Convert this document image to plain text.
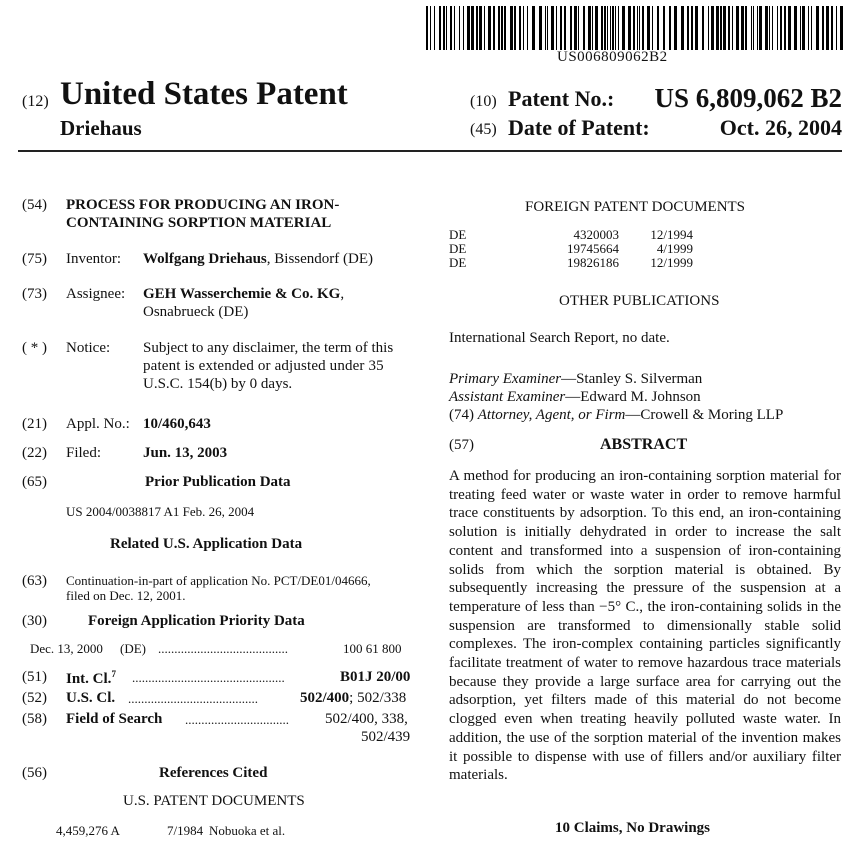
US006809062B2
(12) United States Patent
Driehaus
(10) Patent No.: US 6,809,062 B2
(45) Date of Patent:	Oct. 26, 2004
(54) PROCESS FOR PRODUCING AN IRON-
CONTAINING SORPTION MATERIAL
(75) Inventor: Wolfgang Driehaus, Bissendorf (DE)
(73) Assignee: GEH Wasserchemie & Co. KG,
Osnabrueck (DE)
( * ) Notice: Subject to any disclaimer, the term of this
patent is extended or adjusted under 35
U.S.C. 154(b) by 0 days.
(21) Appl. No.: 10/460,643
(22) Filed:	Jun. 13, 2003
(65)	Prior Publication Data
US 2004/0038817 A1 Feb. 26, 2004
Related U.S. Application Data
(63) Continuation-in-part of application No. PCT/DE01/04666,
filed on Dec. 12, 2001.
(30)	Foreign Application Priority Data
Dec. 13, 2000 (DE) ........................................	100 61 800
(51) Int. Cl.$^7$ ...............................................	B01J 20/00
(52) U.S. Cl. ........................................	502/400; 502/338
(58) Field of Search ................................ 502/400, 338,
502/439
(56)	References Cited
U.S. PATENT DOCUMENTS
4,459,276 A	7/1984 Nobuoka et al.
FOREIGN PATENT DOCUMENTS
DE	4320003	12/1994
DE	19745664	4/1999
DE	19826186	12/1999
OTHER PUBLICATIONS
International Search Report, no date.
Primary Examiner—Stanley S. Silverman
Assistant Examiner—Edward M. Johnson
(74) Attorney, Agent, or Firm—Crowell & Moring LLP
(57)	ABSTRACT
A method for producing an iron-containing sorption material for treating feed water or waste water in order to remove harmful trace constituents by adsorption. To this end, an iron-containing solution is initially dehydrated in order to increase the salt content and transformed into a suspension of iron-containing solids from which the sorption material is obtained. By subsequently increasing the pressure of the suspension at a temperature of less than −5° C., the iron-containing solids in the suspension are transformed to dimensionally stable solid complexes. The iron-complex containing particles significantly facilitate treatment of water to remove hazardous trace materials because they provide a large surface area for carrying out the adsorption, yet filters made of this material do not become clogged even when treating heavily polluted waste water. In addition, the use of the sorption material of the invention makes it possible to dispense with use of fillers and/or auxiliary filter materials.
10 Claims, No Drawings
